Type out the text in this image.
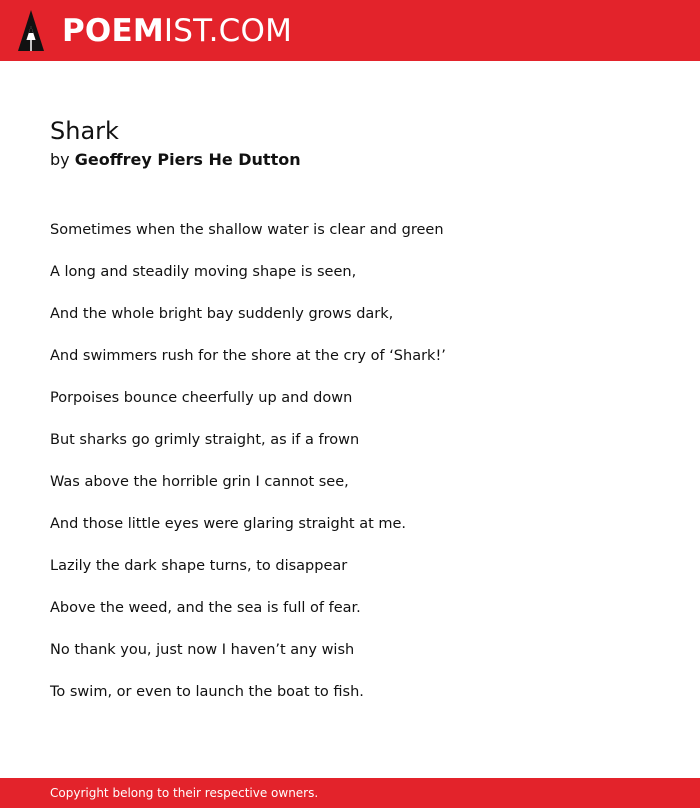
POEMIST.COM
Shark
by Geoffrey Piers He Dutton
Sometimes when the shallow water is clear and green
A long and steadily moving shape is seen,
And the whole bright bay suddenly grows dark,
And swimmers rush for the shore at the cry of ‘Shark!’
Porpoises bounce cheerfully up and down
But sharks go grimly straight, as if a frown
Was above the horrible grin I cannot see,
And those little eyes were glaring straight at me.
Lazily the dark shape turns, to disappear
Above the weed, and the sea is full of fear.
No thank you, just now I haven’t any wish
To swim, or even to launch the boat to fish.
Copyright belong to their respective owners.
